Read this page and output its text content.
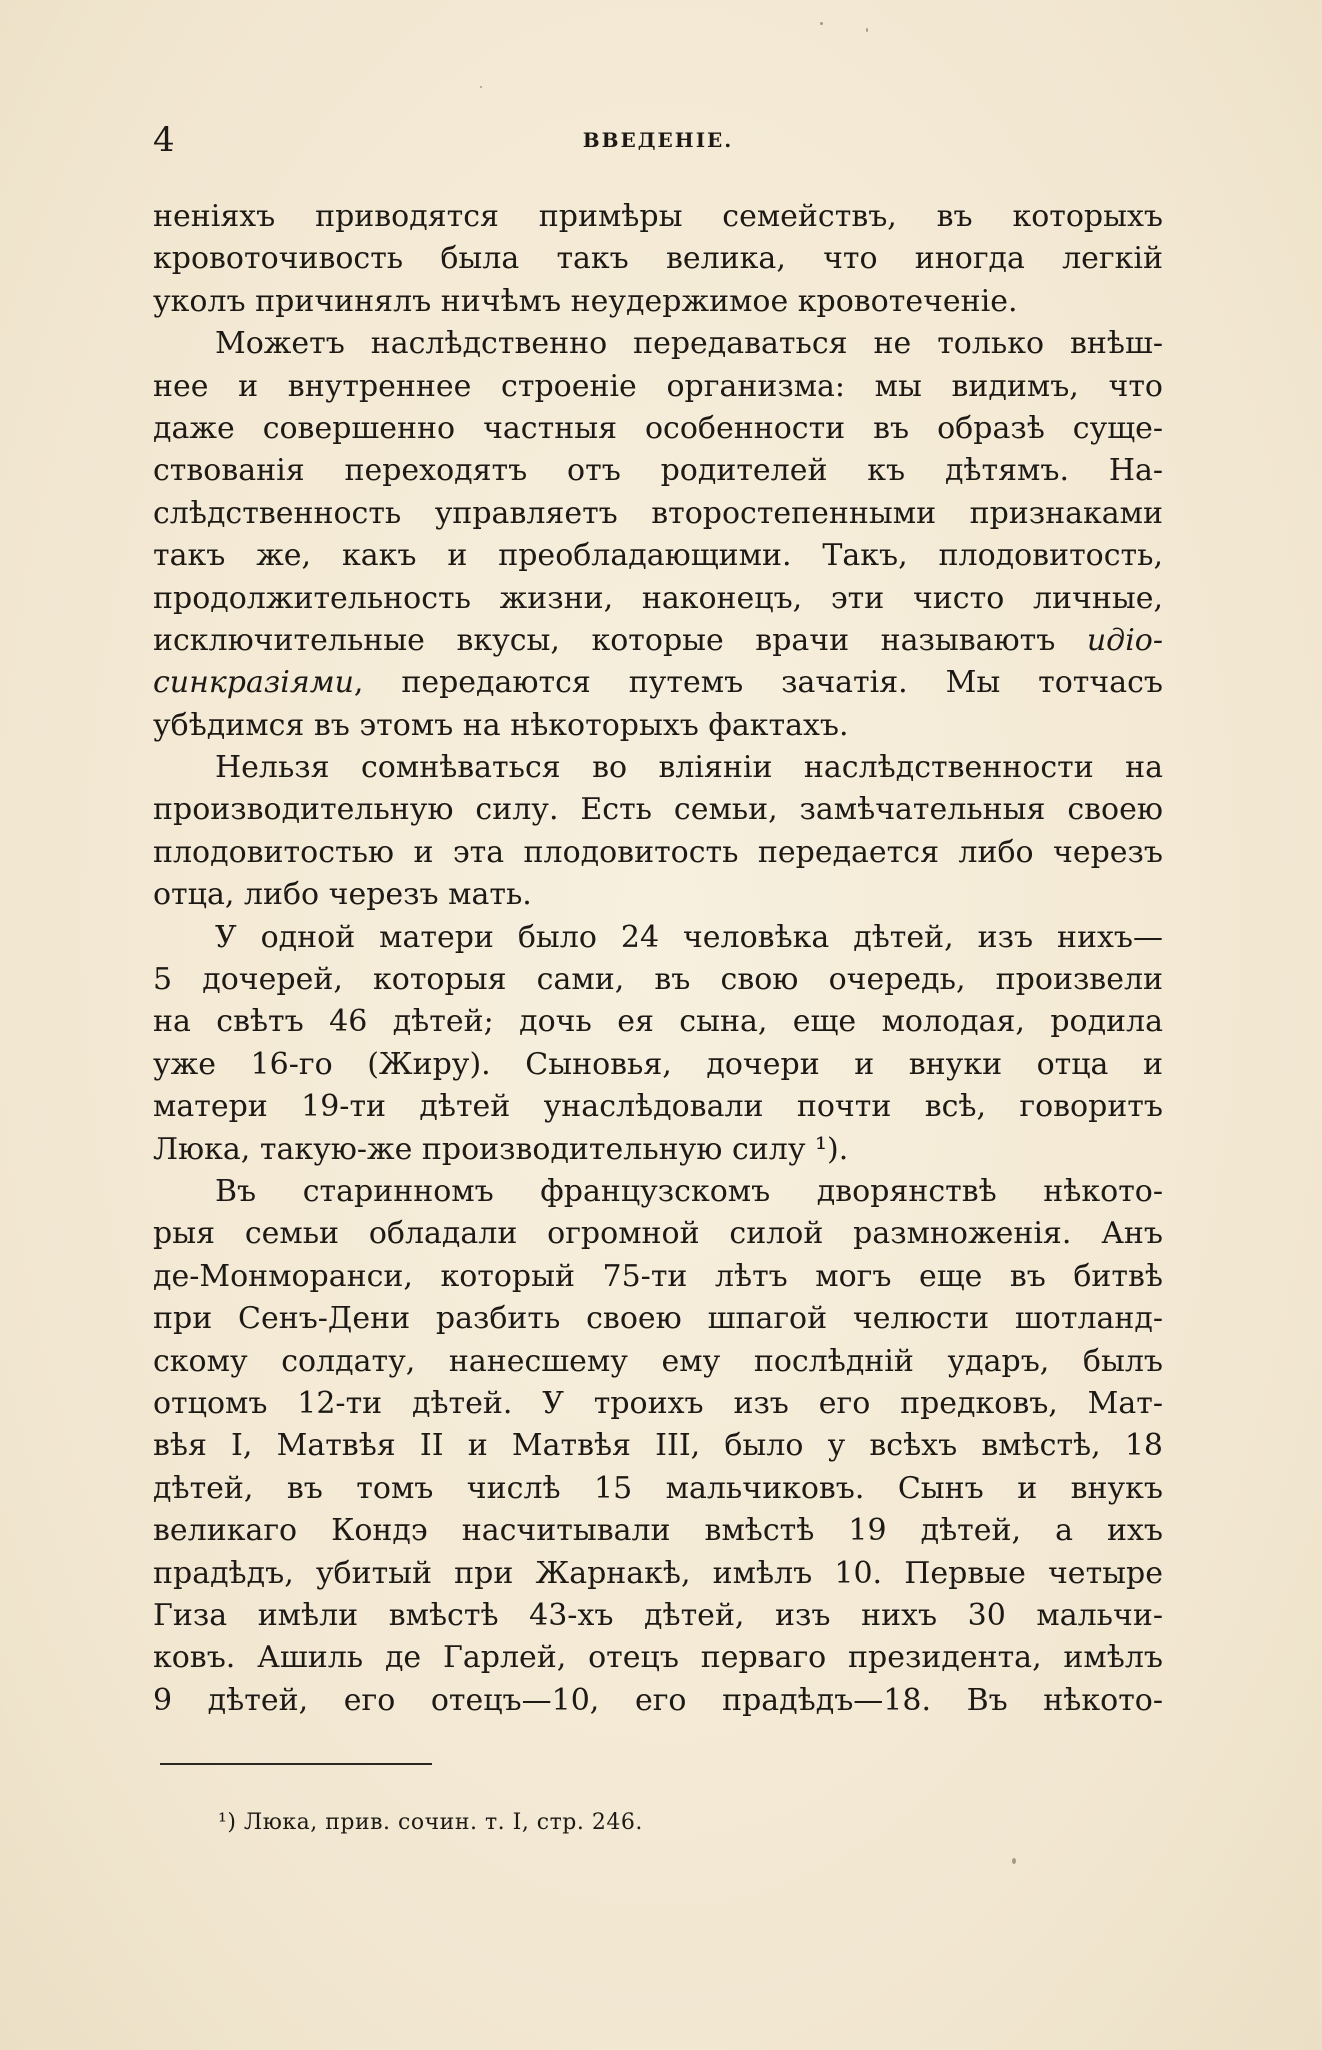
4	ВВЕДЕНІЕ.
неніяхъ приводятся примѣры семействъ, въ которыхъ
кровоточивость была такъ велика, что иногда легкій
уколъ причинялъ ничѣмъ неудержимое кровотеченіе.
Можетъ наслѣдственно передаваться не только внѣш-
нее и внутреннее строеніе организма: мы видимъ, что
даже совершенно частныя особенности въ образѣ суще-
ствованія переходятъ отъ родителей къ дѣтямъ. На-
слѣдственность управляетъ второстепенными признаками
такъ же, какъ и преобладающими. Такъ, плодовитость,
продолжительность жизни, наконецъ, эти чисто личные,
исключительные вкусы, которые врачи называютъ идіо-
синкразіями, передаются путемъ зачатія. Мы тотчасъ
убѣдимся въ этомъ на нѣкоторыхъ фактахъ.
Нельзя сомнѣваться во вліяніи наслѣдственности на
производительную силу. Есть семьи, замѣчательныя своею
плодовитостью и эта плодовитость передается либо черезъ
отца, либо черезъ мать.
У одной матери было 24 человѣка дѣтей, изъ нихъ—
5 дочерей, которыя сами, въ свою очередь, произвели
на свѣтъ 46 дѣтей; дочь ея сына, еще молодая, родила
уже 16-го (Жиру). Сыновья, дочери и внуки отца и
матери 19-ти дѣтей унаслѣдовали почти всѣ, говоритъ
Люка, такую-же производительную силу ¹).
Въ старинномъ французскомъ дворянствѣ нѣкото-
рыя семьи обладали огромной силой размноженія. Анъ
де-Монморанси, который 75-ти лѣтъ могъ еще въ битвѣ
при Сенъ-Дени разбить своею шпагой челюсти шотланд-
скому солдату, нанесшему ему послѣдній ударъ, былъ
отцомъ 12-ти дѣтей. У троихъ изъ его предковъ, Мат-
вѣя I, Матвѣя II и Матвѣя III, было у всѣхъ вмѣстѣ, 18
дѣтей, въ томъ числѣ 15 мальчиковъ. Сынъ и внукъ
великаго Кондэ насчитывали вмѣстѣ 19 дѣтей, а ихъ
прадѣдъ, убитый при Жарнакѣ, имѣлъ 10. Первые четыре
Гиза имѣли вмѣстѣ 43-хъ дѣтей, изъ нихъ 30 мальчи-
ковъ. Ашиль де Гарлей, отецъ перваго президента, имѣлъ
9 дѣтей, его отецъ—10, его прадѣдъ—18. Въ нѣкото-
¹) Люка, прив. сочин. т. I, стр. 246.
